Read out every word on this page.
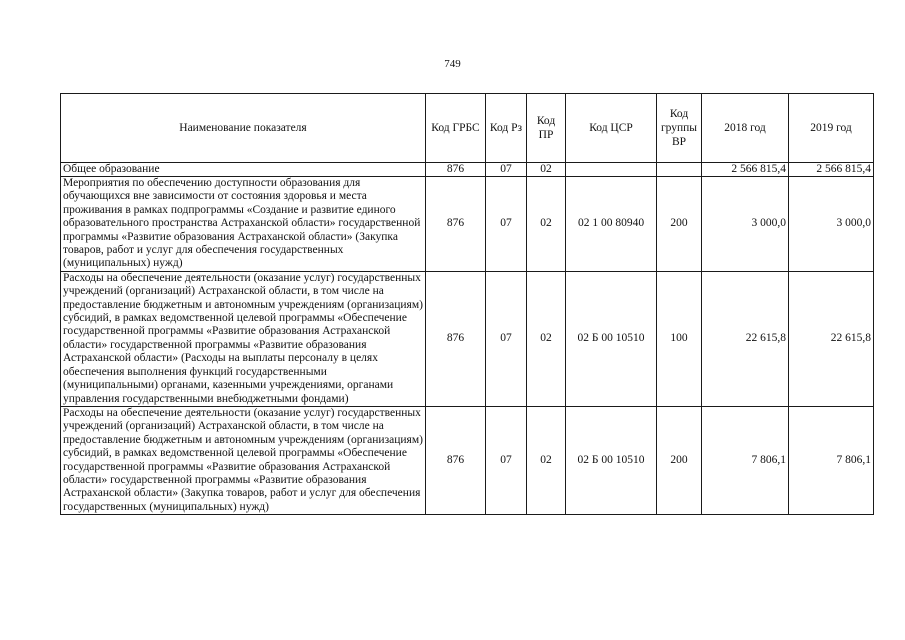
749
Наименование показателя	Код ГРБС	Код Рз	Код ПР	Код ЦСР	Код группы ВР	2018 год	2019 год
Общее образование	876	07	02			2 566 815,4	2 566 815,4
Мероприятия по обеспечению доступности образования для обучающихся вне зависимости от состояния здоровья и места проживания в рамках подпрограммы «Создание и развитие единого образовательного пространства Астраханской области» государственной программы «Развитие образования Астраханской области» (Закупка товаров, работ и услуг для обеспечения государственных (муниципальных) нужд)	876	07	02	02 1 00 80940	200	3 000,0	3 000,0
Расходы на обеспечение деятельности (оказание услуг) государственных учреждений (организаций) Астраханской области, в том числе на предоставление бюджетным и автономным учреждениям (организациям) субсидий, в рамках ведомственной целевой программы «Обеспечение государственной программы «Развитие образования Астраханской области» государственной программы «Развитие образования Астраханской области» (Расходы на выплаты персоналу в целях обеспечения выполнения функций государственными (муниципальными) органами, казенными учреждениями, органами управления государственными внебюджетными фондами)	876	07	02	02 Б 00 10510	100	22 615,8	22 615,8
Расходы на обеспечение деятельности (оказание услуг) государственных учреждений (организаций) Астраханской области, в том числе на предоставление бюджетным и автономным учреждениям (организациям) субсидий, в рамках ведомственной целевой программы «Обеспечение государственной программы «Развитие образования Астраханской области» государственной программы «Развитие образования Астраханской области» (Закупка товаров, работ и услуг для обеспечения государственных (муниципальных) нужд)	876	07	02	02 Б 00 10510	200	7 806,1	7 806,1
